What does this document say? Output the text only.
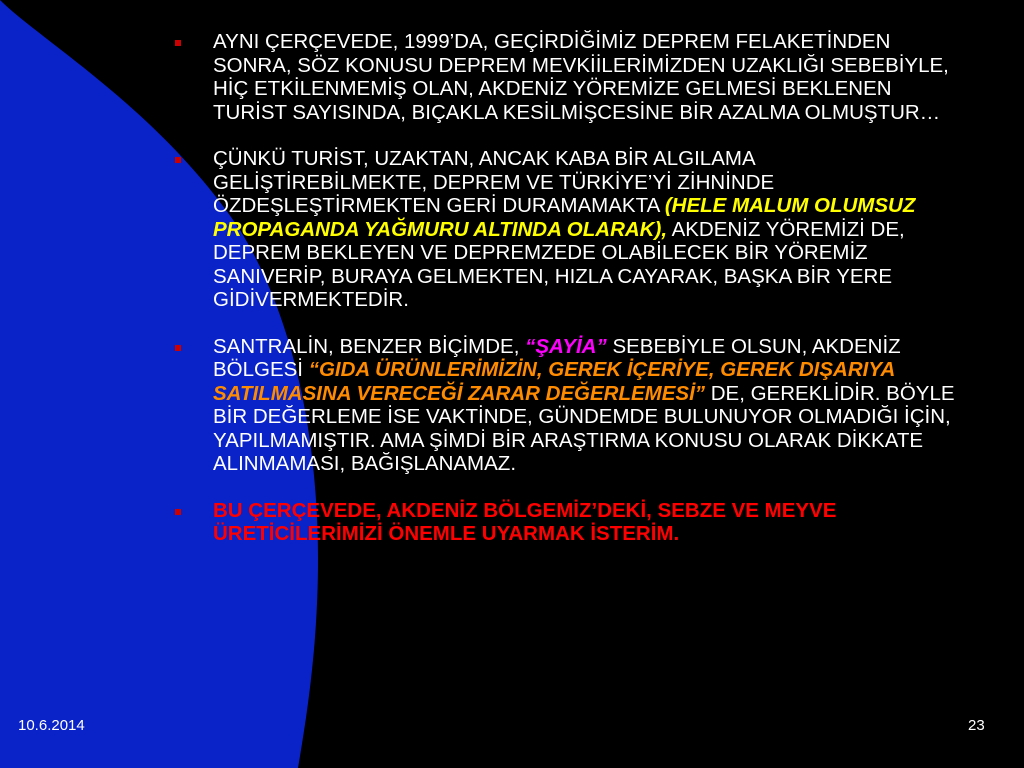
AYNI ÇERÇEVEDE, 1999’DA, GEÇİRDİĞİMİZ DEPREM FELAKETİNDEN SONRA, SÖZ KONUSU DEPREM MEVKİİLERİMİZDEN UZAKLIĞI SEBEBİYLE, HİÇ ETKİLENMEMİŞ OLAN, AKDENİZ YÖREMİZE GELMESİ BEKLENEN TURİST SAYISINDA, BIÇAKLA KESİLMİŞCESİNE BİR AZALMA OLMUŞTUR…
ÇÜNKÜ TURİST, UZAKTAN, ANCAK KABA BİR ALGILAMA GELİŞTİREBİLMEKTE, DEPREM VE TÜRKİYE’Yİ ZİHNİNDE ÖZDEŞLEŞTİRMEKTEN GERİ DURAMAMAKTA (HELE MALUM OLUMSUZ PROPAGANDA YAĞMURU ALTINDA OLARAK), AKDENİZ YÖREMİZİ DE, DEPREM BEKLEYEN VE DEPREMZEDE OLABİLECEK BİR YÖREMİZ SANIVERİP, BURAYA GELMEKTEN, HIZLA CAYARAK, BAŞKA BİR YERE GİDİVERMEKTEDİR.
SANTRALİN, BENZER BİÇİMDE, “ŞAYİA” SEBEBİYLE OLSUN, AKDENİZ BÖLGESİ “GIDA ÜRÜNLERİMİZİN, GEREK İÇERİYE, GEREK DIŞARIYA SATILMASINA VERECEĞİ ZARAR DEĞERLEMESİ” DE, GEREKLİDİR. BÖYLE BİR DEĞERLEME İSE VAKTİNDE, GÜNDEMDE BULUNUYOR OLMADIĞI İÇİN, YAPILMAMIŞTIR. AMA ŞİMDİ BİR ARAŞTIRMA KONUSU OLARAK DİKKATE ALINMAMASI, BAĞIŞLANAMAZ.
BU ÇERÇEVEDE, AKDENİZ BÖLGEMİZ’DEKİ, SEBZE VE MEYVE ÜRETİCİLERİMİZİ ÖNEMLE UYARMAK İSTERİM.
10.6.2014	23
